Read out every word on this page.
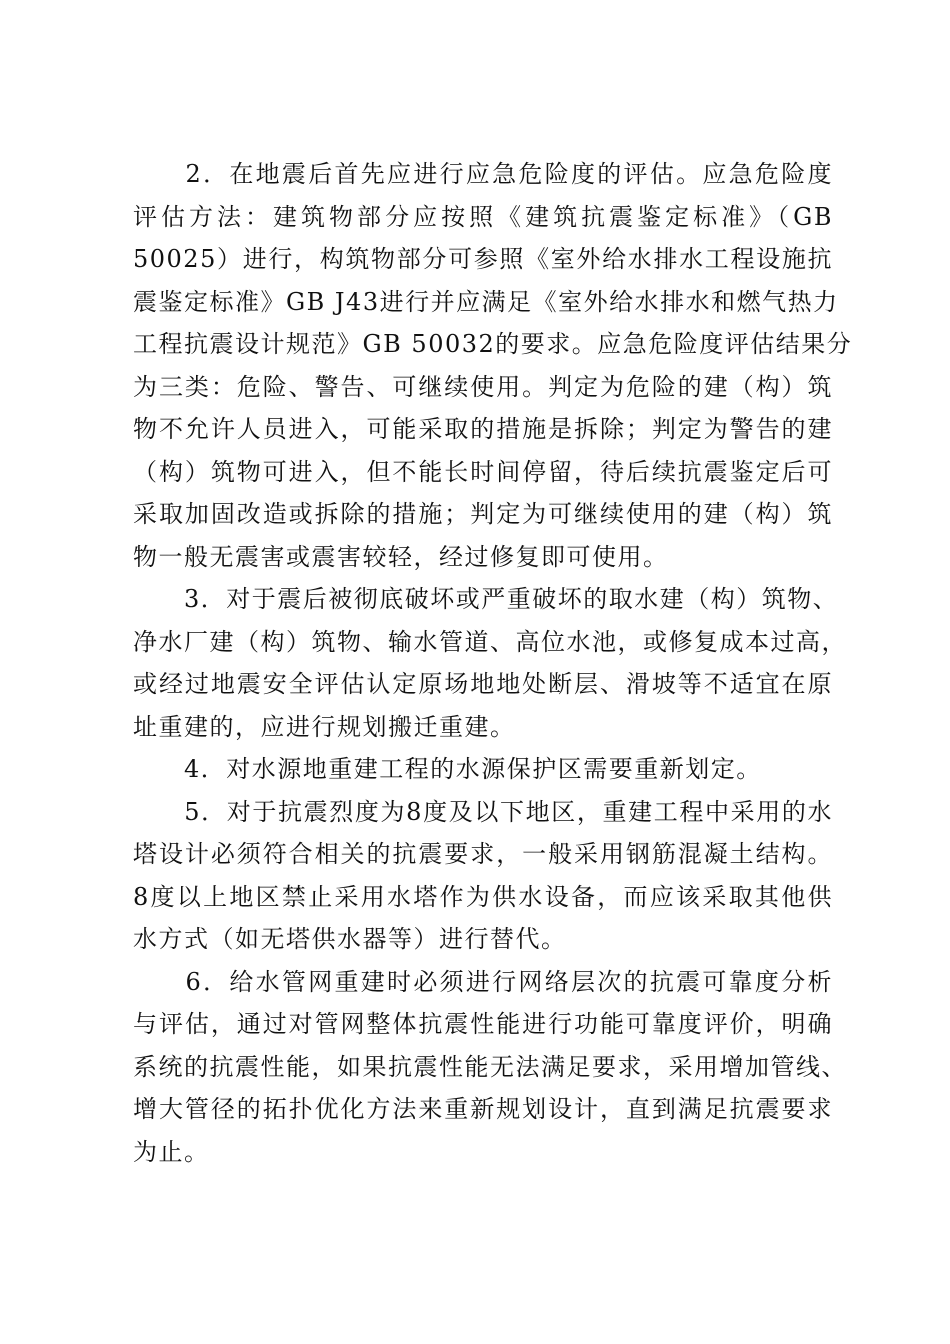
　　2．在地震后首先应进行应急危险度的评估。应急危险度
评估方法：建筑物部分应按照《建筑抗震鉴定标准》（GB
50025）进行，构筑物部分可参照《室外给水排水工程设施抗
震鉴定标准》GB J43进行并应满足《室外给水排水和燃气热力
工程抗震设计规范》GB 50032的要求。应急危险度评估结果分
为三类：危险、警告、可继续使用。判定为危险的建（构）筑
物不允许人员进入，可能采取的措施是拆除；判定为警告的建
（构）筑物可进入，但不能长时间停留，待后续抗震鉴定后可
采取加固改造或拆除的措施；判定为可继续使用的建（构）筑
物一般无震害或震害较轻，经过修复即可使用。
　　3．对于震后被彻底破坏或严重破坏的取水建（构）筑物、
净水厂建（构）筑物、输水管道、高位水池，或修复成本过高，
或经过地震安全评估认定原场地地处断层、滑坡等不适宜在原
址重建的，应进行规划搬迁重建。
　　4．对水源地重建工程的水源保护区需要重新划定。
　　5．对于抗震烈度为8度及以下地区，重建工程中采用的水
塔设计必须符合相关的抗震要求，一般采用钢筋混凝土结构。
8度以上地区禁止采用水塔作为供水设备，而应该采取其他供
水方式（如无塔供水器等）进行替代。
　　6．给水管网重建时必须进行网络层次的抗震可靠度分析
与评估，通过对管网整体抗震性能进行功能可靠度评价，明确
系统的抗震性能，如果抗震性能无法满足要求，采用增加管线、
增大管径的拓扑优化方法来重新规划设计，直到满足抗震要求
为止。
